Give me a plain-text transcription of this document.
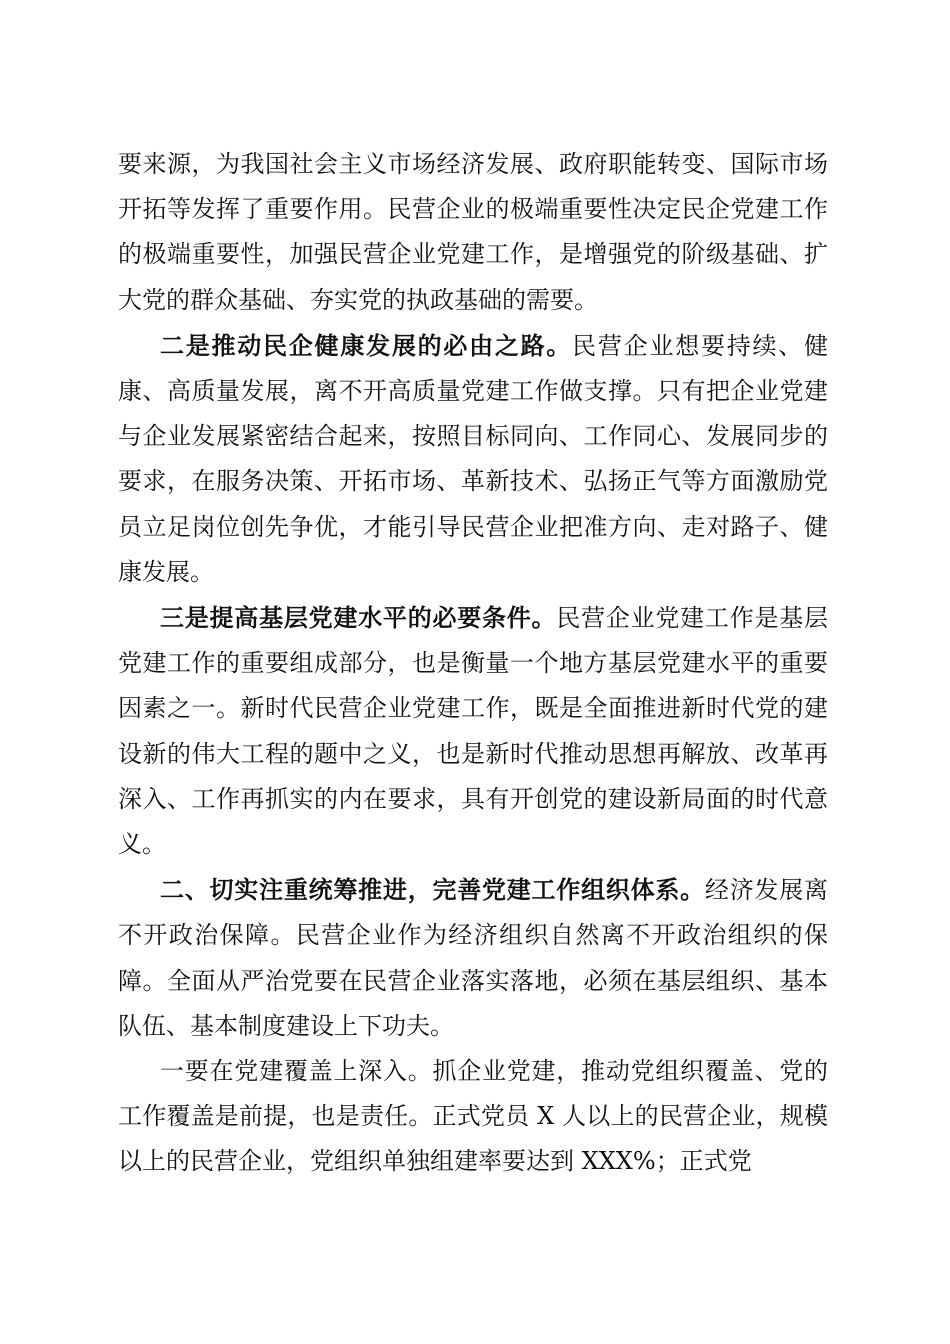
要来源，为我国社会主义市场经济发展、政府职能转变、国际市场开拓等发挥了重要作用。民营企业的极端重要性决定民企党建工作的极端重要性，加强民营企业党建工作，是增强党的阶级基础、扩大党的群众基础、夯实党的执政基础的需要。

二是推动民企健康发展的必由之路。民营企业想要持续、健康、高质量发展，离不开高质量党建工作做支撑。只有把企业党建与企业发展紧密结合起来，按照目标同向、工作同心、发展同步的要求，在服务决策、开拓市场、革新技术、弘扬正气等方面激励党员立足岗位创先争优，才能引导民营企业把准方向、走对路子、健康发展。

三是提高基层党建水平的必要条件。民营企业党建工作是基层党建工作的重要组成部分，也是衡量一个地方基层党建水平的重要因素之一。新时代民营企业党建工作，既是全面推进新时代党的建设新的伟大工程的题中之义，也是新时代推动思想再解放、改革再深入、工作再抓实的内在要求，具有开创党的建设新局面的时代意义。

二、切实注重统筹推进，完善党建工作组织体系。经济发展离不开政治保障。民营企业作为经济组织自然离不开政治组织的保障。全面从严治党要在民营企业落实落地，必须在基层组织、基本队伍、基本制度建设上下功夫。

一要在党建覆盖上深入。抓企业党建，推动党组织覆盖、党的工作覆盖是前提，也是责任。正式党员 X 人以上的民营企业，规模以上的民营企业，党组织单独组建率要达到 XXX%；正式党
